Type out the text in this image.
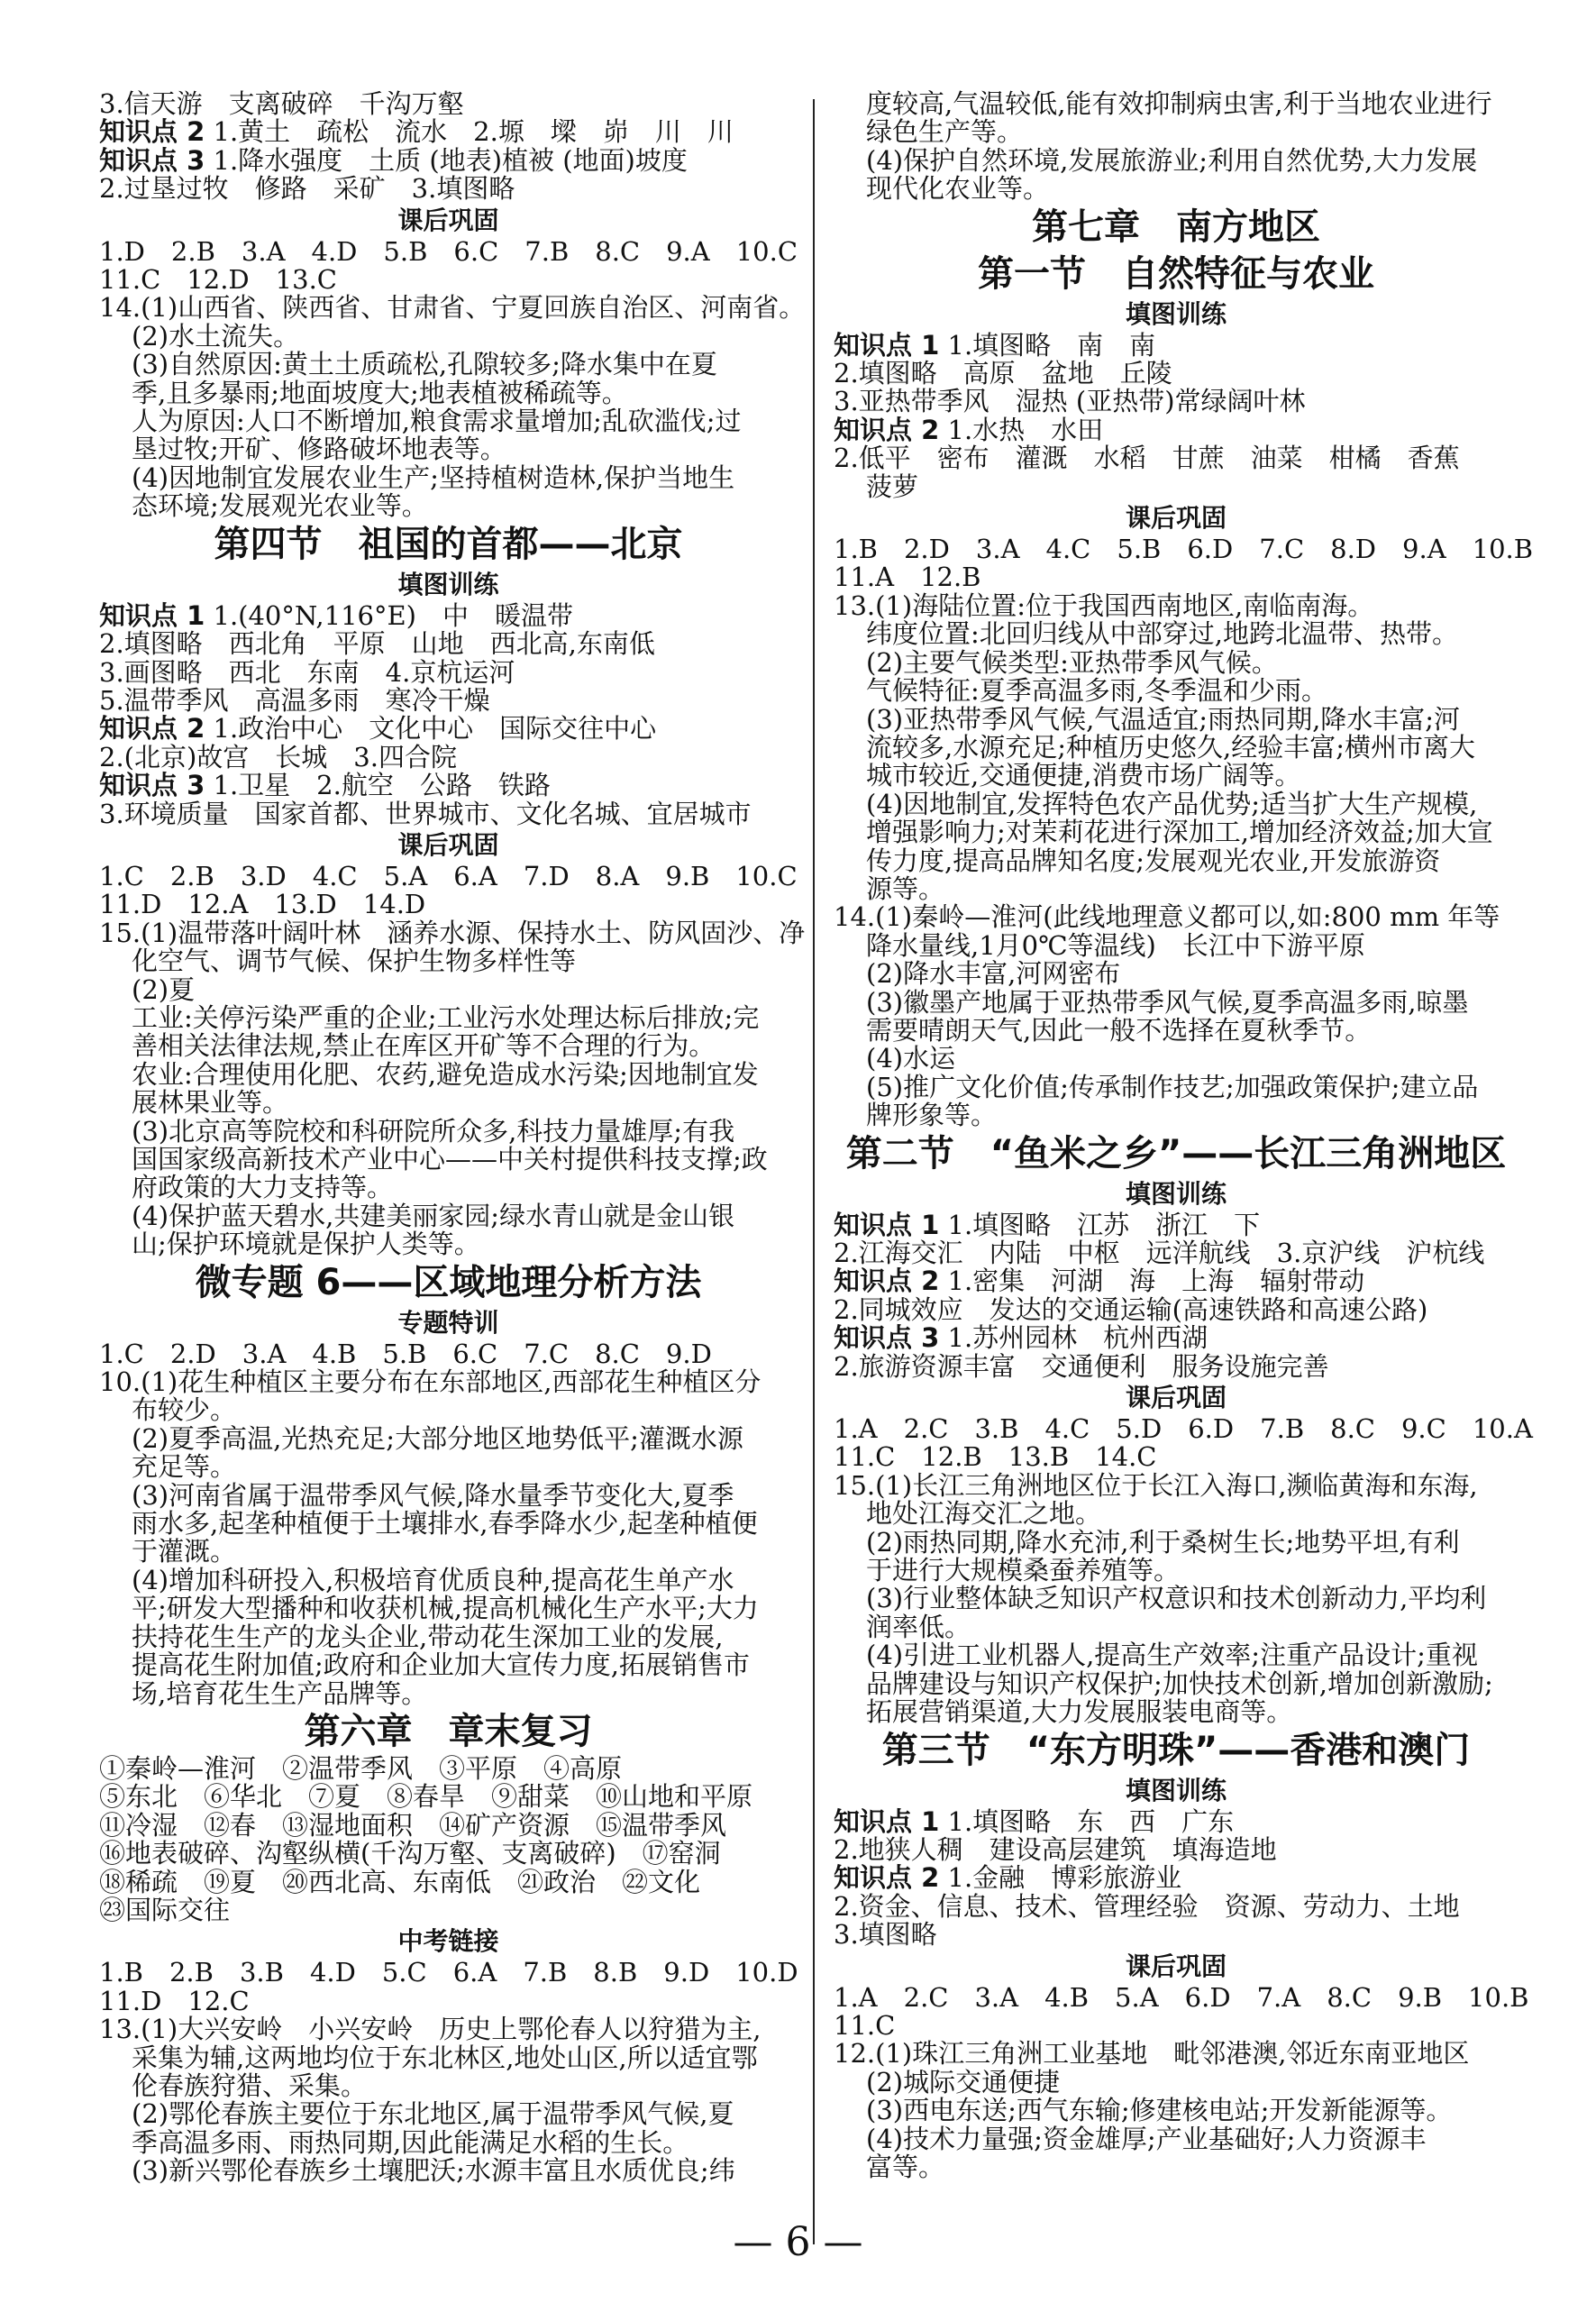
3.信天游　支离破碎　千沟万壑
知识点 2 1.黄土　疏松　流水　2.塬　墚　峁　川　川
知识点 3 1.降水强度　土质 (地表)植被 (地面)坡度
2.过垦过牧　修路　采矿　3.填图略
课后巩固
1.D　2.B　3.A　4.D　5.B　6.C　7.B　8.C　9.A　10.C
11.C　12.D　13.C
14.(1)山西省、陕西省、甘肃省、宁夏回族自治区、河南省。
(2)水土流失。
(3)自然原因:黄土土质疏松,孔隙较多;降水集中在夏
季,且多暴雨;地面坡度大;地表植被稀疏等。
人为原因:人口不断增加,粮食需求量增加;乱砍滥伐;过
垦过牧;开矿、修路破坏地表等。
(4)因地制宜发展农业生产;坚持植树造林,保护当地生
态环境;发展观光农业等。
第四节　祖国的首都——北京
填图训练
知识点 1 1.(40°N,116°E)　中　暖温带
2.填图略　西北角　平原　山地　西北高,东南低
3.画图略　西北　东南　4.京杭运河
5.温带季风　高温多雨　寒冷干燥
知识点 2 1.政治中心　文化中心　国际交往中心
2.(北京)故宫　长城　3.四合院
知识点 3 1.卫星　2.航空　公路　铁路
3.环境质量　国家首都、世界城市、文化名城、宜居城市
课后巩固
1.C　2.B　3.D　4.C　5.A　6.A　7.D　8.A　9.B　10.C
11.D　12.A　13.D　14.D
15.(1)温带落叶阔叶林　涵养水源、保持水土、防风固沙、净
化空气、调节气候、保护生物多样性等
(2)夏
工业:关停污染严重的企业;工业污水处理达标后排放;完
善相关法律法规,禁止在库区开矿等不合理的行为。
农业:合理使用化肥、农药,避免造成水污染;因地制宜发
展林果业等。
(3)北京高等院校和科研院所众多,科技力量雄厚;有我
国国家级高新技术产业中心——中关村提供科技支撑;政
府政策的大力支持等。
(4)保护蓝天碧水,共建美丽家园;绿水青山就是金山银
山;保护环境就是保护人类等。
微专题 6——区域地理分析方法
专题特训
1.C　2.D　3.A　4.B　5.B　6.C　7.C　8.C　9.D
10.(1)花生种植区主要分布在东部地区,西部花生种植区分
布较少。
(2)夏季高温,光热充足;大部分地区地势低平;灌溉水源
充足等。
(3)河南省属于温带季风气候,降水量季节变化大,夏季
雨水多,起垄种植便于土壤排水,春季降水少,起垄种植便
于灌溉。
(4)增加科研投入,积极培育优质良种,提高花生单产水
平;研发大型播种和收获机械,提高机械化生产水平;大力
扶持花生生产的龙头企业,带动花生深加工业的发展,
提高花生附加值;政府和企业加大宣传力度,拓展销售市
场,培育花生生产品牌等。
第六章　章末复习
①秦岭—淮河　②温带季风　③平原　④高原
⑤东北　⑥华北　⑦夏　⑧春旱　⑨甜菜　⑩山地和平原
⑪冷湿　⑫春　⑬湿地面积　⑭矿产资源　⑮温带季风
⑯地表破碎、沟壑纵横(千沟万壑、支离破碎)　⑰窑洞
⑱稀疏　⑲夏　⑳西北高、东南低　㉑政治　㉒文化
㉓国际交往
中考链接
1.B　2.B　3.B　4.D　5.C　6.A　7.B　8.B　9.D　10.D
11.D　12.C
13.(1)大兴安岭　小兴安岭　历史上鄂伦春人以狩猎为主,
采集为辅,这两地均位于东北林区,地处山区,所以适宜鄂
伦春族狩猎、采集。
(2)鄂伦春族主要位于东北地区,属于温带季风气候,夏
季高温多雨、雨热同期,因此能满足水稻的生长。
(3)新兴鄂伦春族乡土壤肥沃;水源丰富且水质优良;纬
度较高,气温较低,能有效抑制病虫害,利于当地农业进行
绿色生产等。
(4)保护自然环境,发展旅游业;利用自然优势,大力发展
现代化农业等。
第七章　南方地区
第一节　自然特征与农业
填图训练
知识点 1 1.填图略　南　南
2.填图略　高原　盆地　丘陵
3.亚热带季风　湿热 (亚热带)常绿阔叶林
知识点 2 1.水热　水田
2.低平　密布　灌溉　水稻　甘蔗　油菜　柑橘　香蕉
菠萝
课后巩固
1.B　2.D　3.A　4.C　5.B　6.D　7.C　8.D　9.A　10.B
11.A　12.B
13.(1)海陆位置:位于我国西南地区,南临南海。
纬度位置:北回归线从中部穿过,地跨北温带、热带。
(2)主要气候类型:亚热带季风气候。
气候特征:夏季高温多雨,冬季温和少雨。
(3)亚热带季风气候,气温适宜;雨热同期,降水丰富;河
流较多,水源充足;种植历史悠久,经验丰富;横州市离大
城市较近,交通便捷,消费市场广阔等。
(4)因地制宜,发挥特色农产品优势;适当扩大生产规模,
增强影响力;对茉莉花进行深加工,增加经济效益;加大宣
传力度,提高品牌知名度;发展观光农业,开发旅游资
源等。
14.(1)秦岭—淮河(此线地理意义都可以,如:800 mm 年等
降水量线,1月0℃等温线)　长江中下游平原
(2)降水丰富,河网密布
(3)徽墨产地属于亚热带季风气候,夏季高温多雨,晾墨
需要晴朗天气,因此一般不选择在夏秋季节。
(4)水运
(5)推广文化价值;传承制作技艺;加强政策保护;建立品
牌形象等。
第二节　“鱼米之乡”——长江三角洲地区
填图训练
知识点 1 1.填图略　江苏　浙江　下
2.江海交汇　内陆　中枢　远洋航线　3.京沪线　沪杭线
知识点 2 1.密集　河湖　海　上海　辐射带动
2.同城效应　发达的交通运输(高速铁路和高速公路)
知识点 3 1.苏州园林　杭州西湖
2.旅游资源丰富　交通便利　服务设施完善
课后巩固
1.A　2.C　3.B　4.C　5.D　6.D　7.B　8.C　9.C　10.A
11.C　12.B　13.B　14.C
15.(1)长江三角洲地区位于长江入海口,濒临黄海和东海,
地处江海交汇之地。
(2)雨热同期,降水充沛,利于桑树生长;地势平坦,有利
于进行大规模桑蚕养殖等。
(3)行业整体缺乏知识产权意识和技术创新动力,平均利
润率低。
(4)引进工业机器人,提高生产效率;注重产品设计;重视
品牌建设与知识产权保护;加快技术创新,增加创新激励;
拓展营销渠道,大力发展服装电商等。
第三节　“东方明珠”——香港和澳门
填图训练
知识点 1 1.填图略　东　西　广东
2.地狭人稠　建设高层建筑　填海造地
知识点 2 1.金融　博彩旅游业
2.资金、信息、技术、管理经验　资源、劳动力、土地
3.填图略
课后巩固
1.A　2.C　3.A　4.B　5.A　6.D　7.A　8.C　9.B　10.B
11.C
12.(1)珠江三角洲工业基地　毗邻港澳,邻近东南亚地区
(2)城际交通便捷
(3)西电东送;西气东输;修建核电站;开发新能源等。
(4)技术力量强;资金雄厚;产业基础好;人力资源丰
富等。
— 6 —
